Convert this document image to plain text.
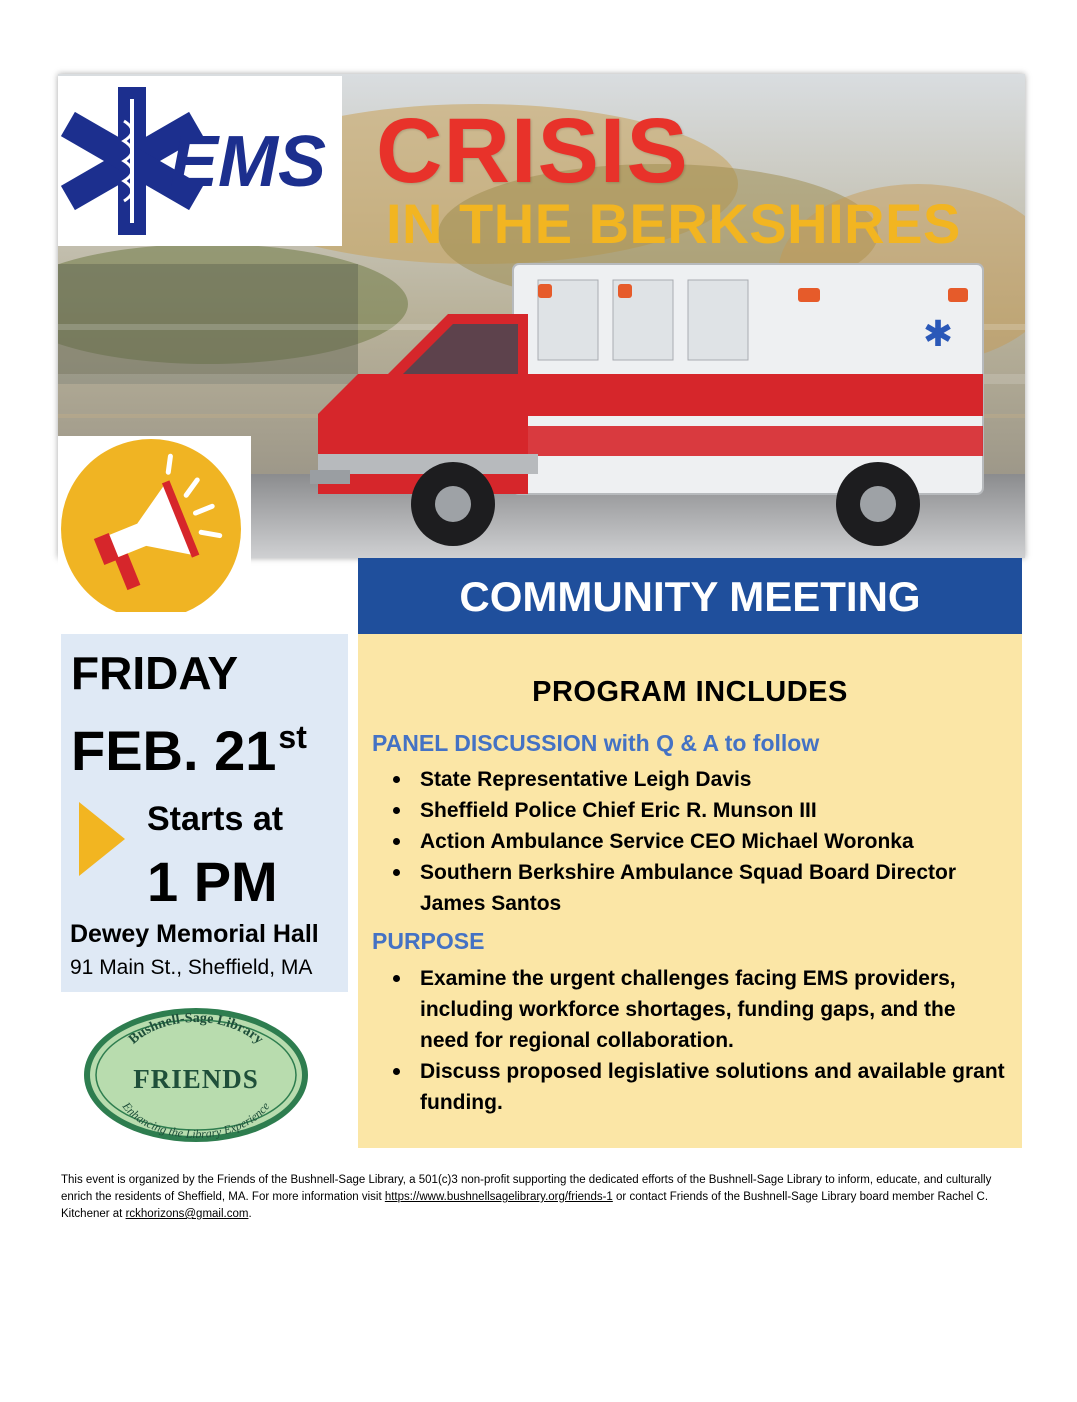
✱
EMS CRISIS
IN THE BERKSHIRES
COMMUNITY MEETING
FRIDAY
FEB. 21st
Starts at
1 PM
Dewey Memorial Hall
91 Main St., Sheffield, MA
Bushnell-Sage Library
FRIENDS
Enhancing the Library Experience
PROGRAM INCLUDES
PANEL DISCUSSION with Q & A to follow
State Representative Leigh Davis
Sheffield Police Chief Eric R. Munson III
Action Ambulance Service CEO Michael Woronka
Southern Berkshire Ambulance Squad Board Director James Santos
PURPOSE
Examine the urgent challenges facing EMS providers, including workforce shortages, funding gaps, and the need for regional collaboration.
Discuss proposed legislative solutions and available grant funding.
This event is organized by the Friends of the Bushnell-Sage Library, a 501(c)3 non-profit supporting the dedicated efforts of the Bushnell-Sage Library to inform, educate, and culturally enrich the residents of Sheffield, MA. For more information visit https://www.bushnellsagelibrary.org/friends-1 or contact Friends of the Bushnell-Sage Library board member Rachel C. Kitchener at rckhorizons@gmail.com.
